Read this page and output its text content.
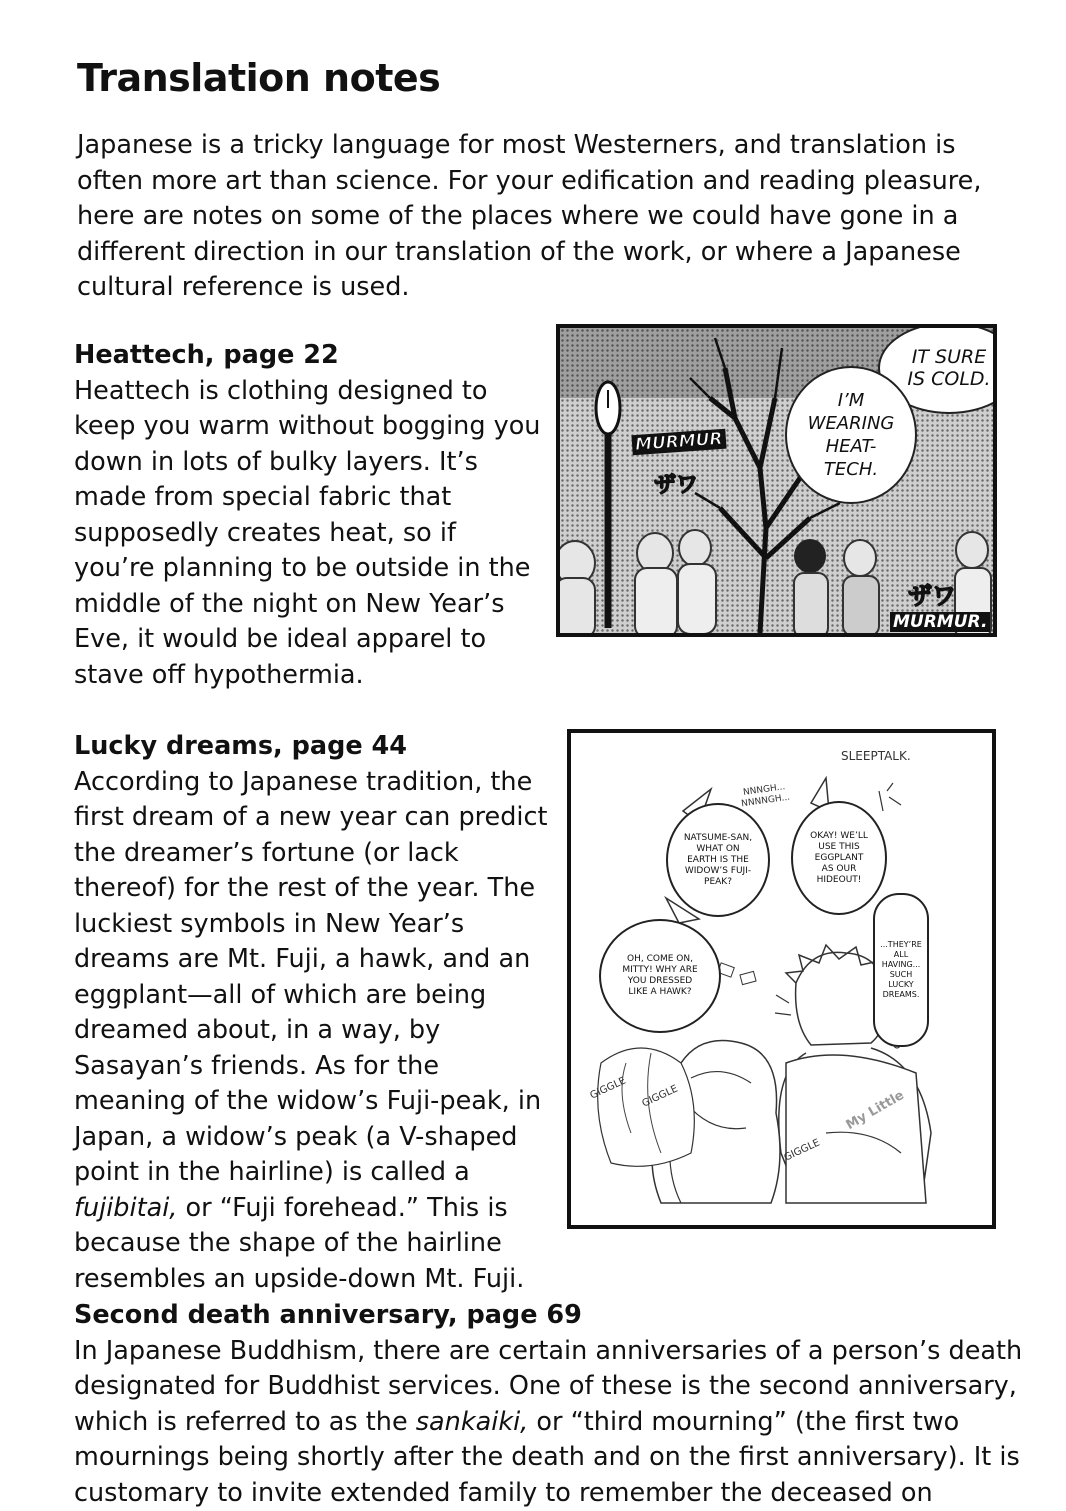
Translation notes
Japanese is a tricky language for most Westerners, and translation is often more art than science. For your edification and reading pleasure, here are notes on some of the places where we could have gone in a different direction in our translation of the work, or where a Japanese cultural reference is used.
Heattech, page 22
Heattech is clothing designed to keep you warm without bogging you down in lots of bulky layers. It’s made from special fabric that supposedly creates heat, so if you’re planning to be outside in the middle of the night on New Year’s Eve, it would be ideal apparel to stave off hypothermia.
Lucky dreams, page 44
According to Japanese tradition, the first dream of a new year can predict the dreamer’s fortune (or lack thereof) for the rest of the year. The luckiest symbols in New Year’s dreams are Mt. Fuji, a hawk, and an eggplant—all of which are being dreamed about, in a way, by Sasayan’s friends. As for the meaning of the widow’s Fuji-peak, in Japan, a widow’s peak (a V-shaped point in the hairline) is called a fujibitai, or “Fuji forehead.” This is because the shape of the hairline resembles an upside-down Mt. Fuji.
Second death anniversary, page 69
In Japanese Buddhism, there are certain anniversaries of a person’s death designated for Buddhist services. One of these is the second anniversary, which is referred to as the sankaiki, or “third mourning” (the first two mournings being shortly after the death and on the first anniversary). It is customary to invite extended family to remember the deceased on
IT SURE IS COLD.
I’M WEARING HEAT-TECH.
MURMUR
ザワ
ザワ
MURMUR.
SLEEPTALK.
NNNGH... NNNNGH...
NATSUME-SAN, WHAT ON EARTH IS THE WIDOW’S FUJI-PEAK?
OKAY! WE’LL USE THIS EGGPLANT AS OUR HIDEOUT!
OH, COME ON, MITTY! WHY ARE YOU DRESSED LIKE A HAWK?
...THEY’RE ALL HAVING... SUCH LUCKY DREAMS.
GIGGLE GIGGLE
GIGGLE
My Little
